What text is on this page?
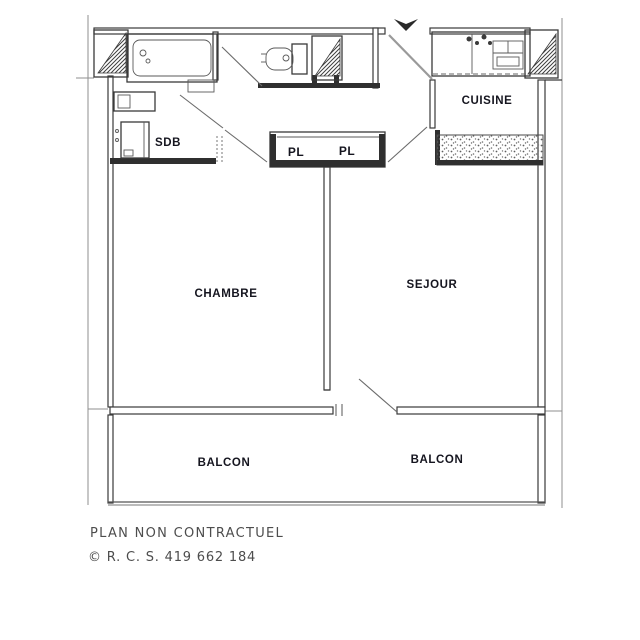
SDB
PL	PL
CUISINE
CHAMBRE
SEJOUR
BALCON	BALCON
PLAN NON CONTRACTUEL
© R. C. S. 419 662 184
